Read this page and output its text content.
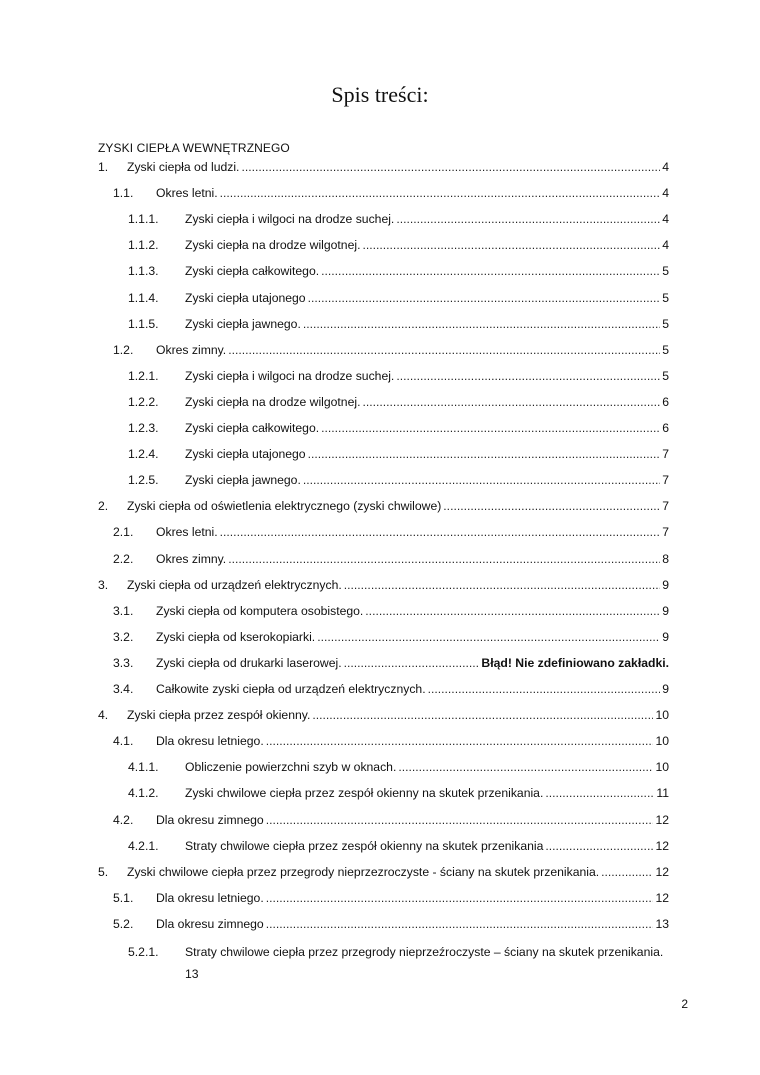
Spis treści:
ZYSKI CIEPŁA WEWNĘTRZNEGO
1. Zyski ciepła od ludzi. .....	4
1.1. Okres letni. .....	4
1.1.1. Zyski ciepła i wilgoci na drodze suchej. .....	4
1.1.2. Zyski ciepła na drodze wilgotnej. .....	4
1.1.3. Zyski ciepła całkowitego. .....	5
1.1.4. Zyski ciepła utajonego .....	5
1.1.5. Zyski ciepła jawnego. .....	5
1.2. Okres zimny. .....	5
1.2.1. Zyski ciepła i wilgoci na drodze suchej. .....	5
1.2.2. Zyski ciepła na drodze wilgotnej. .....	6
1.2.3. Zyski ciepła całkowitego. .....	6
1.2.4. Zyski ciepła utajonego .....	7
1.2.5. Zyski ciepła jawnego. .....	7
2. Zyski ciepła od oświetlenia elektrycznego (zyski chwilowe) .....	7
2.1. Okres letni. .....	7
2.2. Okres zimny. .....	8
3. Zyski ciepła od urządzeń elektrycznych. .....	9
3.1. Zyski ciepła od komputera osobistego. .....	9
3.2. Zyski ciepła od kserokopiarki. .....	9
3.3. Zyski ciepła od drukarki laserowej. .....	Błąd! Nie zdefiniowano zakładki.
3.4. Całkowite zyski ciepła od urządzeń elektrycznych. .....	9
4. Zyski ciepła przez zespół okienny. .....	10
4.1. Dla okresu letniego. .....	10
4.1.1. Obliczenie powierzchni szyb w oknach. .....	10
4.1.2. Zyski chwilowe ciepła przez zespół okienny na skutek przenikania. .....	11
4.2. Dla okresu zimnego .....	12
4.2.1. Straty chwilowe ciepła przez zespół okienny na skutek przenikania .....	12
5. Zyski chwilowe ciepła przez przegrody nieprzezroczyste - ściany na skutek przenikania. .....	12
5.1. Dla okresu letniego. .....	12
5.2. Dla okresu zimnego .....	13
5.2.1. Straty chwilowe ciepła przez przegrody nieprzeźroczyste – ściany na skutek przenikania.
13
2
